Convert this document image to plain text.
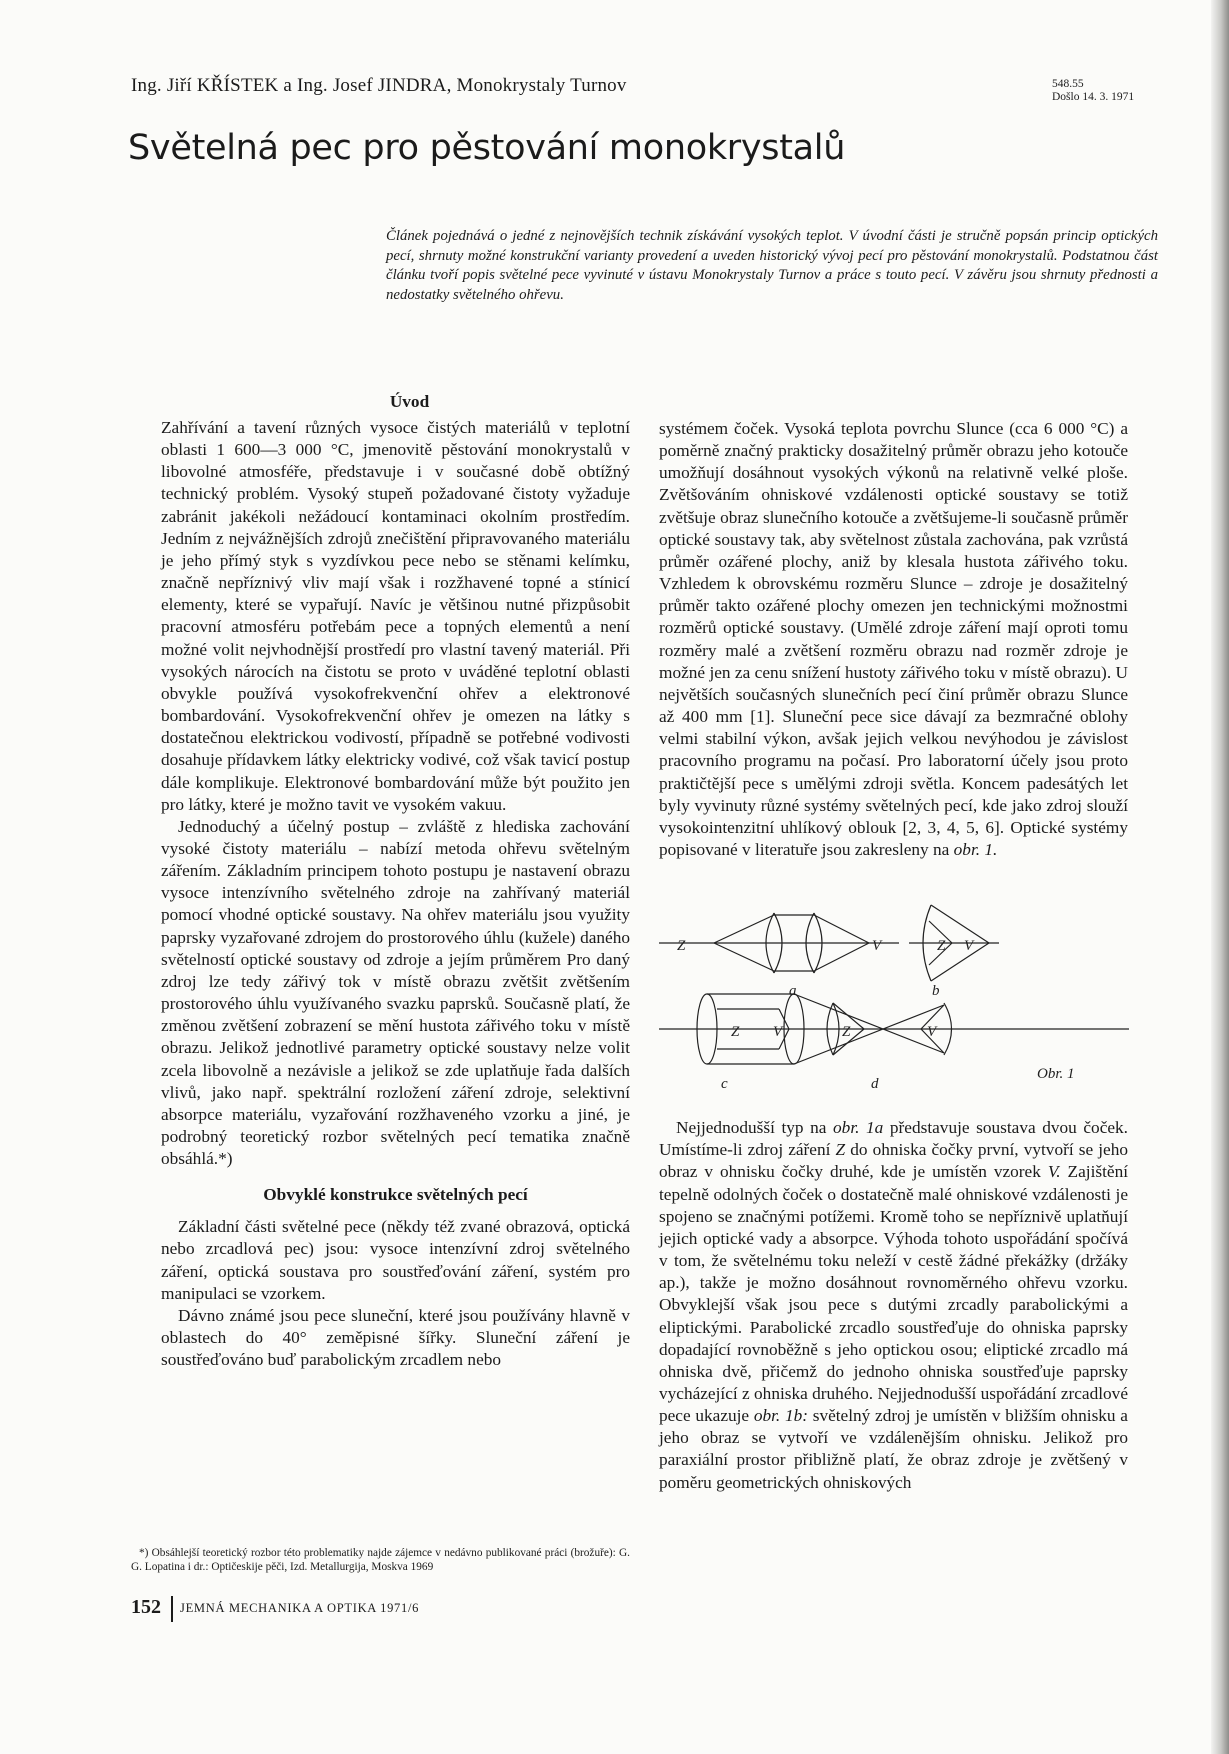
Ing. Jiří KŘÍSTEK a Ing. Josef JINDRA, Monokrystaly Turnov	548.55
Došlo 14. 3. 1971
Světelná pec pro pěstování monokrystalů

Článek pojednává o jedné z nejnovějších technik získávání vysokých teplot. V úvodní části je stručně popsán princip optických pecí, shrnuty možné konstrukční varianty provedení a uveden historický vývoj pecí pro pěstování monokrystalů. Podstatnou část článku tvoří popis světelné pece vyvinuté v ústavu Monokrystaly Turnov a práce s touto pecí. V závěru jsou shrnuty přednosti a nedostatky světelného ohřevu.

Úvod

Zahřívání a tavení různých vysoce čistých materiálů v teplotní oblasti 1 600—3 000 °C, jmenovitě pěstování monokrystalů v libovolné atmosféře, představuje i v současné době obtížný technický problém. Vysoký stupeň požadované čistoty vyžaduje zabránit jakékoli nežádoucí kontaminaci okolním prostředím. Jedním z nejvážnějších zdrojů znečištění připravovaného materiálu je jeho přímý styk s vyzdívkou pece nebo se stěnami kelímku, značně nepříznivý vliv mají však i rozžhavené topné a stínicí elementy, které se vypařují. Navíc je většinou nutné přizpůsobit pracovní atmosféru potřebám pece a topných elementů a není možné volit nejvhodnější prostředí pro vlastní tavený materiál. Při vysokých nárocích na čistotu se proto v uváděné teplotní oblasti obvykle používá vysokofrekvenční ohřev a elektronové bombardování. Vysokofrekvenční ohřev je omezen na látky s dostatečnou elektrickou vodivostí, případně se potřebné vodivosti dosahuje přídavkem látky elektricky vodivé, což však tavicí postup dále komplikuje. Elektronové bombardování může být použito jen pro látky, které je možno tavit ve vysokém vakuu.

Jednoduchý a účelný postup – zvláště z hlediska zachování vysoké čistoty materiálu – nabízí metoda ohřevu světelným zářením. Základním principem tohoto postupu je nastavení obrazu vysoce intenzívního světelného zdroje na zahřívaný materiál pomocí vhodné optické soustavy. Na ohřev materiálu jsou využity paprsky vyzařované zdrojem do prostorového úhlu (kužele) daného světelností optické soustavy od zdroje a jejím průměrem Pro daný zdroj lze tedy zářivý tok v místě obrazu zvětšit zvětšením prostorového úhlu využívaného svazku paprsků. Současně platí, že změnou zvětšení zobrazení se mění hustota zářivého toku v místě obrazu. Jelikož jednotlivé parametry optické soustavy nelze volit zcela libovolně a nezávisle a jelikož se zde uplatňuje řada dalších vlivů, jako např. spektrální rozložení záření zdroje, selektivní absorpce materiálu, vyzařování rozžhaveného vzorku a jiné, je podrobný teoretický rozbor světelných pecí tematika značně obsáhlá.*)

Obvyklé konstrukce světelných pecí

Základní části světelné pece (někdy též zvané obrazová, optická nebo zrcadlová pec) jsou: vysoce intenzívní zdroj světelného záření, optická soustava pro soustřeďování záření, systém pro manipulaci se vzorkem.

Dávno známé jsou pece sluneční, které jsou používány hlavně v oblastech do 40° zeměpisné šířky. Sluneční záření je soustřeďováno buď parabolickým zrcadlem nebo

systémem čoček. Vysoká teplota povrchu Slunce (cca 6 000 °C) a poměrně značný prakticky dosažitelný průměr obrazu jeho kotouče umožňují dosáhnout vysokých výkonů na relativně velké ploše. Zvětšováním ohniskové vzdálenosti optické soustavy se totiž zvětšuje obraz slunečního kotouče a zvětšujeme-li současně průměr optické soustavy tak, aby světelnost zůstala zachována, pak vzrůstá průměr ozářené plochy, aniž by klesala hustota zářivého toku. Vzhledem k obrovskému rozměru Slunce – zdroje je dosažitelný průměr takto ozářené plochy omezen jen technickými možnostmi rozměrů optické soustavy. (Umělé zdroje záření mají oproti tomu rozměry malé a zvětšení rozměru obrazu nad rozměr zdroje je možné jen za cenu snížení hustoty zářivého toku v místě obrazu). U největších současných slunečních pecí činí průměr obrazu Slunce až 400 mm [1]. Sluneční pece sice dávají za bezmračné oblohy velmi stabilní výkon, avšak jejich velkou nevýhodou je závislost pracovního programu na počasí. Pro laboratorní účely jsou proto praktičtější pece s umělými zdroji světla. Koncem padesátých let byly vyvinuty různé systémy světelných pecí, kde jako zdroj slouží vysokointenzitní uhlíkový oblouk [2, 3, 4, 5, 6]. Optické systémy popisované v literatuře jsou zakresleny na obr. 1.

Z	V	Z V
a	b
Z V	Z	V
c	d
Obr. 1

Nejjednodušší typ na obr. 1a představuje soustava dvou čoček. Umístíme-li zdroj záření Z do ohniska čočky první, vytvoří se jeho obraz v ohnisku čočky druhé, kde je umístěn vzorek V. Zajištění tepelně odolných čoček o dostatečně malé ohniskové vzdálenosti je spojeno se značnými potížemi. Kromě toho se nepříznivě uplatňují jejich optické vady a absorpce. Výhoda tohoto uspořádání spočívá v tom, že světelnému toku neleží v cestě žádné překážky (držáky ap.), takže je možno dosáhnout rovnoměrného ohřevu vzorku. Obvyklejší však jsou pece s dutými zrcadly parabolickými a eliptickými. Parabolické zrcadlo soustřeďuje do ohniska paprsky dopadající rovnoběžně s jeho optickou osou; eliptické zrcadlo má ohniska dvě, přičemž do jednoho ohniska soustřeďuje paprsky vycházející z ohniska druhého. Nejjednodušší uspořádání zrcadlové pece ukazuje obr. 1b: světelný zdroj je umístěn v bližším ohnisku a jeho obraz se vytvoří ve vzdálenějším ohnisku. Jelikož pro paraxiální prostor přibližně platí, že obraz zdroje je zvětšený v poměru geometrických ohniskových

*) Obsáhlejší teoretický rozbor této problematiky najde zájemce v nedávno publikované práci (brožuře): G. G. Lopatina i dr.: Optičeskije pěči, Izd. Metallurgija, Moskva 1969
152 JEMNÁ MECHANIKA A OPTIKA 1971/6
